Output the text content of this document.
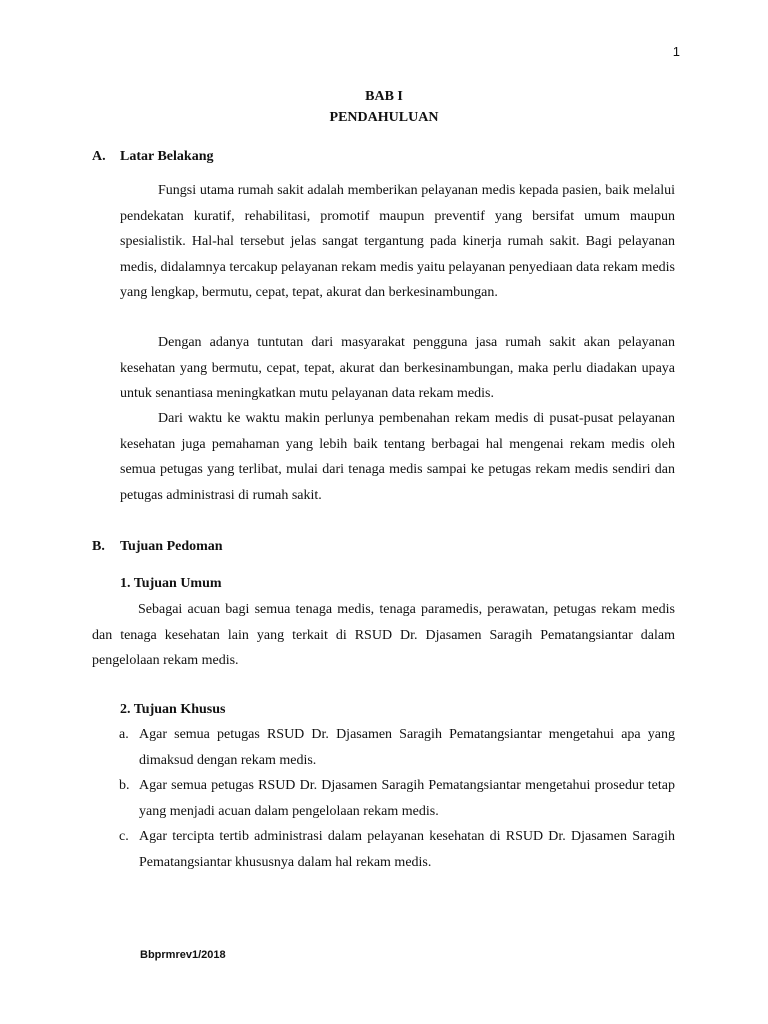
1
BAB I
PENDAHULUAN
A. Latar Belakang

Fungsi utama rumah sakit adalah memberikan pelayanan medis kepada pasien, baik melalui pendekatan kuratif, rehabilitasi, promotif maupun preventif yang bersifat umum maupun spesialistik. Hal-hal tersebut jelas sangat tergantung pada kinerja rumah sakit. Bagi pelayanan medis, didalamnya tercakup pelayanan rekam medis yaitu pelayanan penyediaan data rekam medis yang lengkap, bermutu, cepat, tepat, akurat dan berkesinambungan.

Dengan adanya tuntutan dari masyarakat pengguna jasa rumah sakit akan pelayanan kesehatan yang bermutu, cepat, tepat, akurat dan berkesinambungan, maka perlu diadakan upaya untuk senantiasa meningkatkan mutu pelayanan data rekam medis.

Dari waktu ke waktu makin perlunya pembenahan rekam medis di pusat-pusat pelayanan kesehatan juga pemahaman yang lebih baik tentang berbagai hal mengenai rekam medis oleh semua petugas yang terlibat, mulai dari tenaga medis sampai ke petugas rekam medis sendiri dan petugas administrasi di rumah sakit.

B. Tujuan Pedoman
1. Tujuan Umum

Sebagai acuan bagi semua tenaga medis, tenaga paramedis, perawatan, petugas rekam medis dan tenaga kesehatan lain yang terkait di RSUD Dr. Djasamen Saragih Pematangsiantar dalam pengelolaan rekam medis.

2. Tujuan Khusus
a. Agar semua petugas RSUD Dr. Djasamen Saragih Pematangsiantar mengetahui apa yang dimaksud dengan rekam medis.
b. Agar semua petugas RSUD Dr. Djasamen Saragih Pematangsiantar mengetahui prosedur tetap yang menjadi acuan dalam pengelolaan rekam medis.
c. Agar tercipta tertib administrasi dalam pelayanan kesehatan di RSUD Dr. Djasamen Saragih Pematangsiantar khususnya dalam hal rekam medis.
Bbprmrev1/2018
